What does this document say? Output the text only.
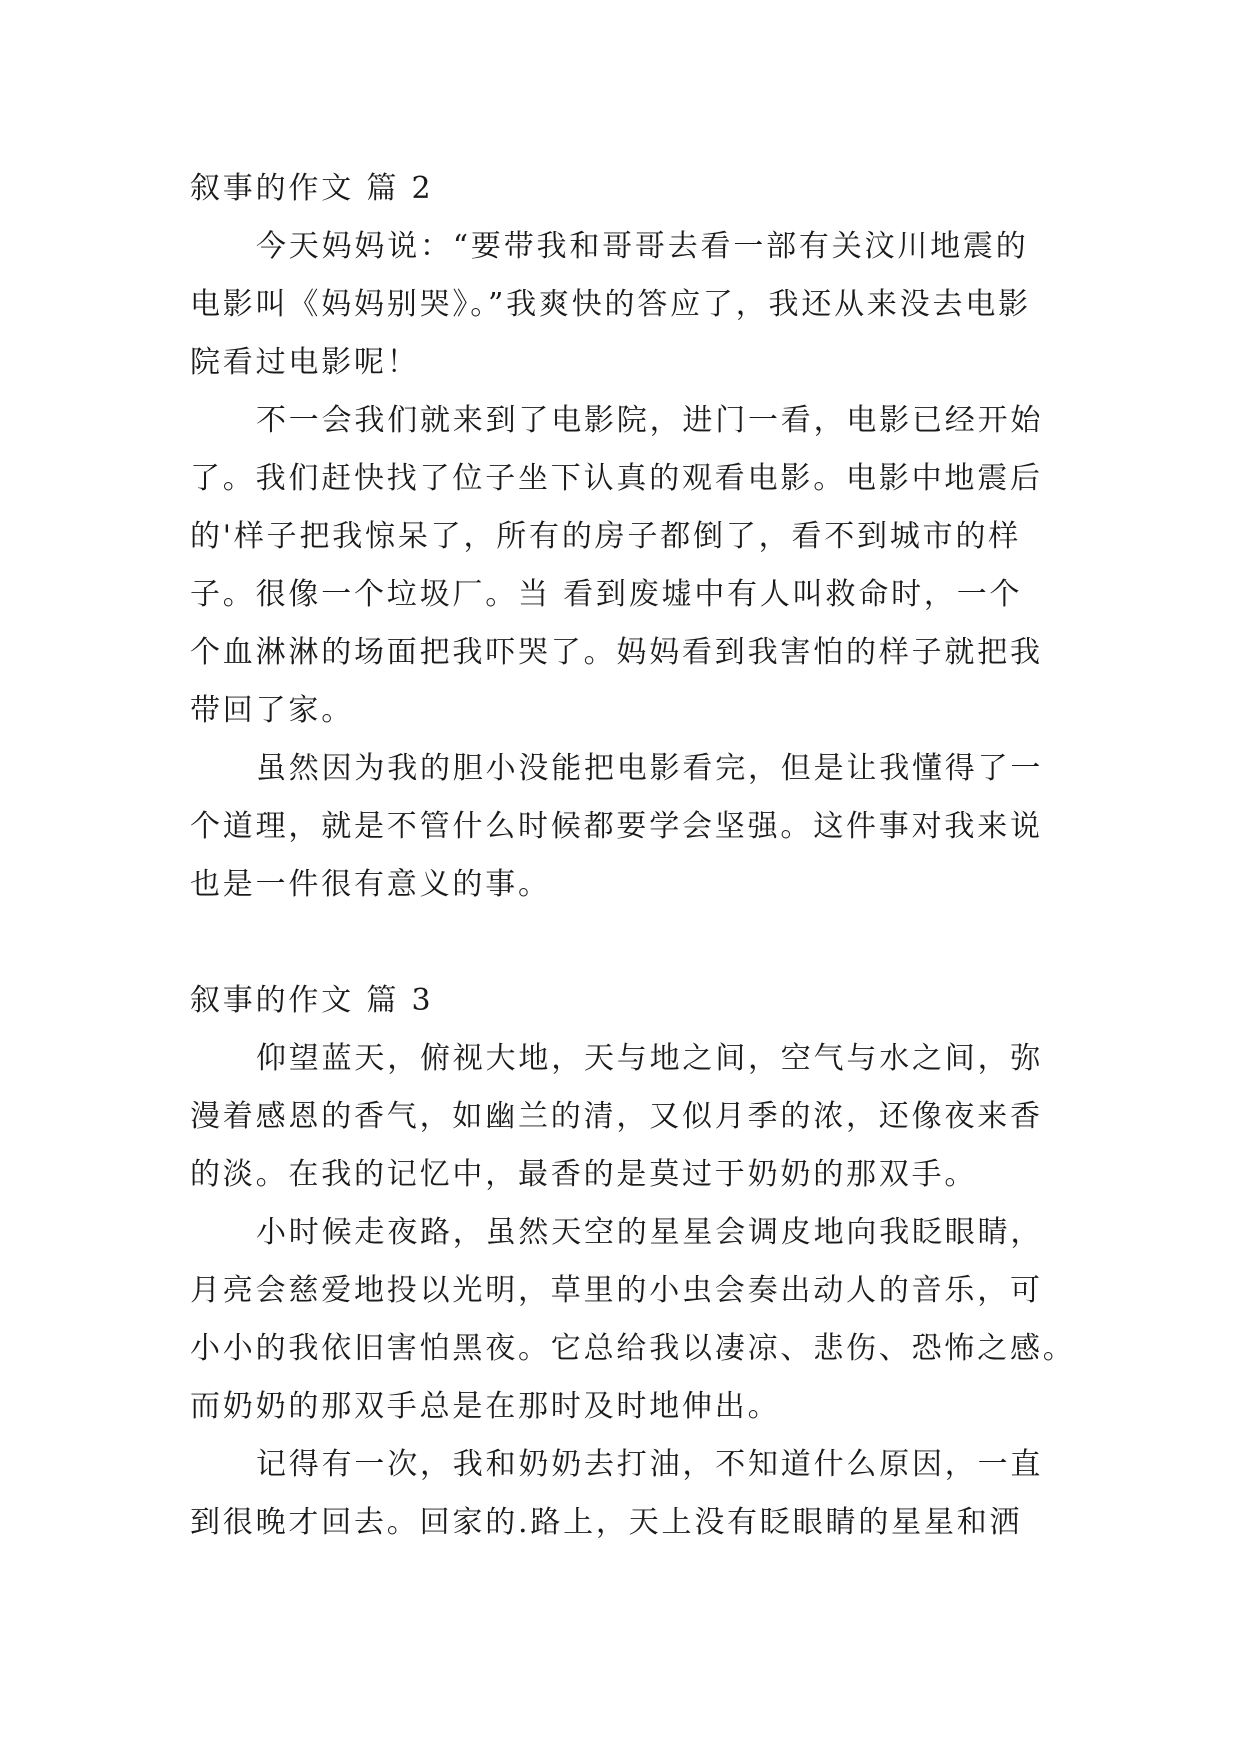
叙事的作文 篇 2
今天妈妈说：“要带我和哥哥去看一部有关汶川地震的
电影叫《妈妈别哭》。”我爽快的答应了，我还从来没去电影
院看过电影呢！
不一会我们就来到了电影院，进门一看，电影已经开始
了。我们赶快找了位子坐下认真的观看电影。电影中地震后
的'样子把我惊呆了，所有的房子都倒了，看不到城市的样
子。很像一个垃圾厂。当 看到废墟中有人叫救命时，一个
个血淋淋的场面把我吓哭了。妈妈看到我害怕的样子就把我
带回了家。
虽然因为我的胆小没能把电影看完，但是让我懂得了一
个道理，就是不管什么时候都要学会坚强。这件事对我来说
也是一件很有意义的事。
叙事的作文 篇 3
仰望蓝天，俯视大地，天与地之间，空气与水之间，弥
漫着感恩的香气，如幽兰的清，又似月季的浓，还像夜来香
的淡。在我的记忆中，最香的是莫过于奶奶的那双手。
小时候走夜路，虽然天空的星星会调皮地向我眨眼睛，
月亮会慈爱地投以光明，草里的小虫会奏出动人的音乐，可
小小的我依旧害怕黑夜。它总给我以凄凉、悲伤、恐怖之感。
而奶奶的那双手总是在那时及时地伸出。
记得有一次，我和奶奶去打油，不知道什么原因，一直
到很晚才回去。回家的.路上，天上没有眨眼睛的星星和洒
